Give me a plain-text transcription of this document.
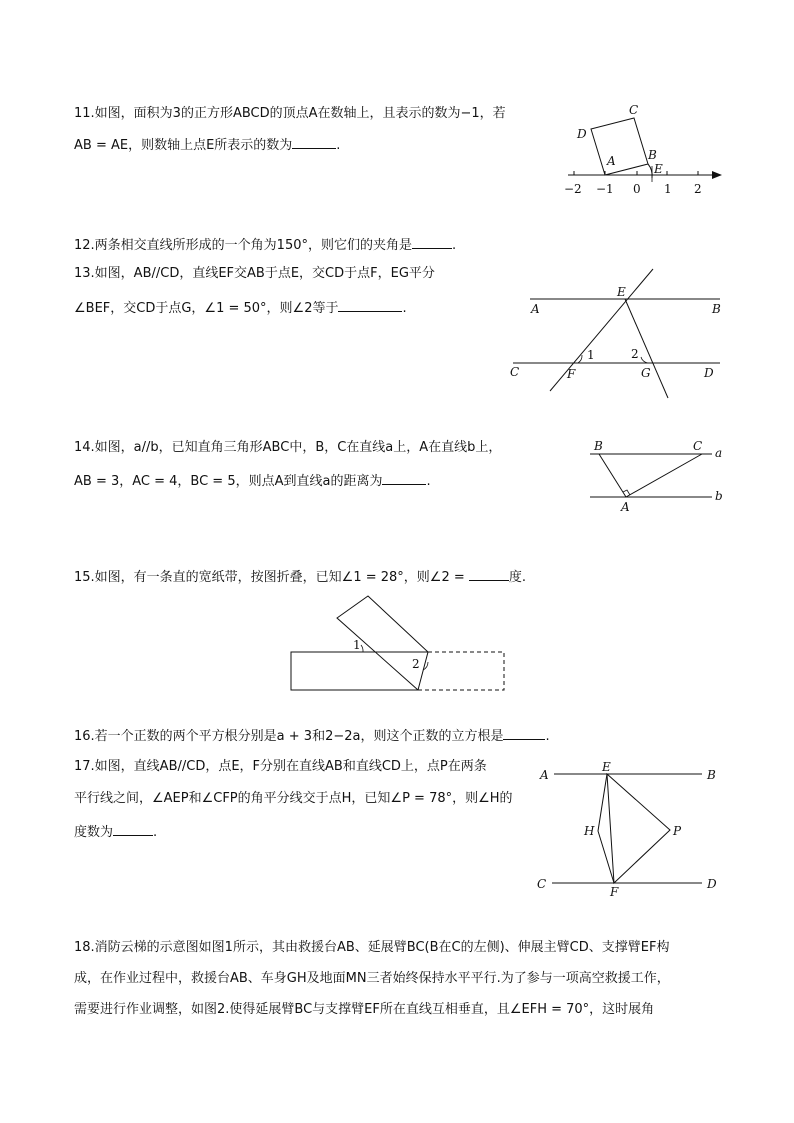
11.如图，面积为3的正方形ABCD的顶点A在数轴上，且表示的数为−1，若
AB = AE，则数轴上点E所表示的数为	.
C
D
A	B
E
−2 −1 0 1 2
12.两条相交直线所形成的一个角为150°，则它们的夹角是	.
13.如图，AB//CD，直线EF交AB于点E，交CD于点F，EG平分
∠BEF，交CD于点G，∠1 = 50°，则∠2等于	.
E
A	B
C	F	G	D
1	2
14.如图，a//b，已知直角三角形ABC中，B，C在直线a上，A在直线b上，
AB = 3，AC = 4，BC = 5，则点A到直线a的距离为	.
B	C a
b
A
15.如图，有一条直的宽纸带，按图折叠，已知∠1 = 28°，则∠2 =	度.
1
2
16.若一个正数的两个平方根分别是a + 3和2−2a，则这个正数的立方根是	.
17.如图，直线AB//CD，点E，F分别在直线AB和直线CD上，点P在两条
平行线之间，∠AEP和∠CFP的角平分线交于点H，已知∠P = 78°，则∠H的
度数为	.
A
E
B
H	P
C
F
D
18.消防云梯的示意图如图1所示，其由救援台AB、延展臂BC(B在C的左侧)、伸展主臂CD、支撑臂EF构
成，在作业过程中，救援台AB、车身GH及地面MN三者始终保持水平平行.为了参与一项高空救援工作，
需要进行作业调整，如图2.使得延展臂BC与支撑臂EF所在直线互相垂直，且∠EFH = 70°，这时展角
